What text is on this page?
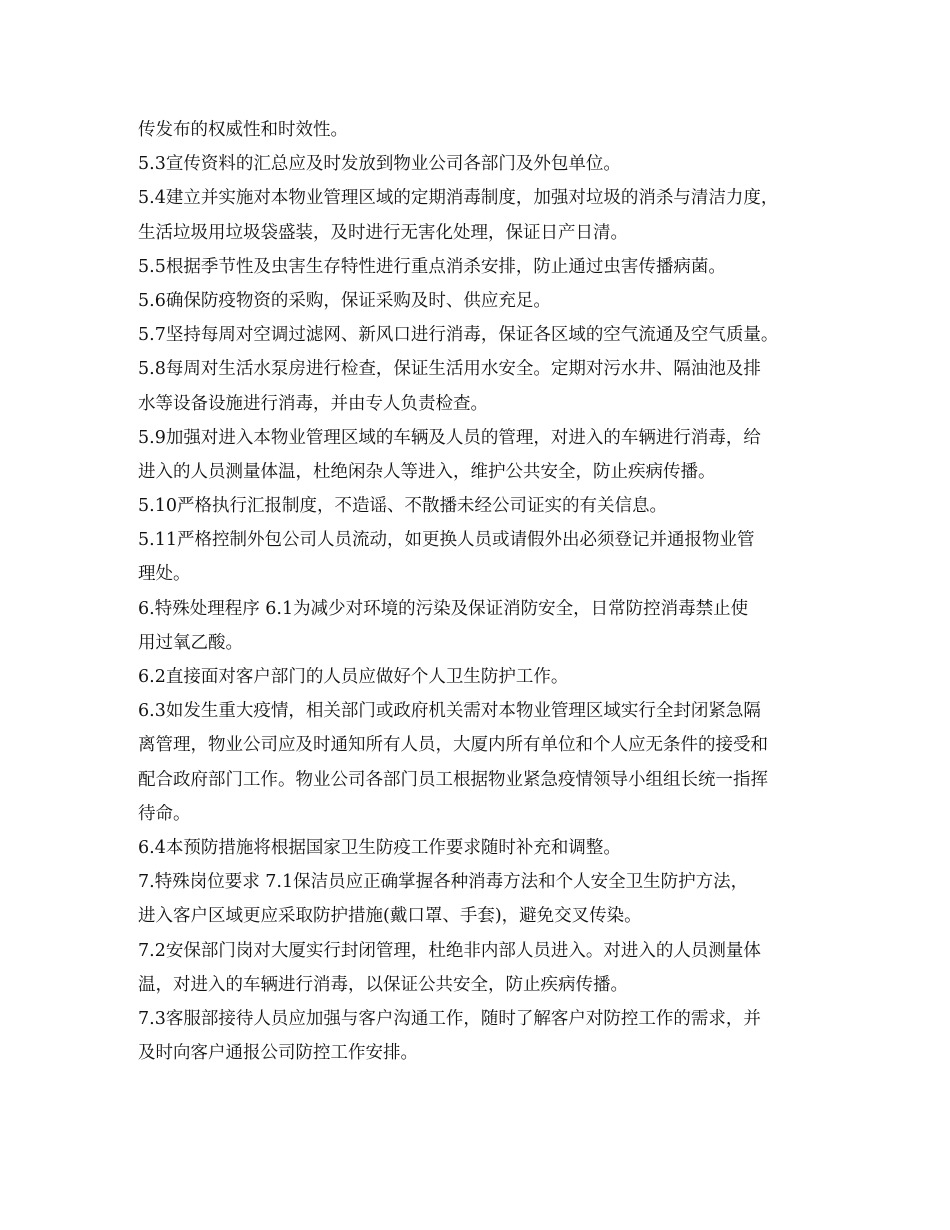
传发布的权威性和时效性。
5.3宣传资料的汇总应及时发放到物业公司各部门及外包单位。
5.4建立并实施对本物业管理区域的定期消毒制度，加强对垃圾的消杀与清洁力度，
生活垃圾用垃圾袋盛装，及时进行无害化处理，保证日产日清。
5.5根据季节性及虫害生存特性进行重点消杀安排，防止通过虫害传播病菌。
5.6确保防疫物资的采购，保证采购及时、供应充足。
5.7坚持每周对空调过滤网、新风口进行消毒，保证各区域的空气流通及空气质量。
5.8每周对生活水泵房进行检查，保证生活用水安全。定期对污水井、隔油池及排
水等设备设施进行消毒，并由专人负责检查。
5.9加强对进入本物业管理区域的车辆及人员的管理，对进入的车辆进行消毒，给
进入的人员测量体温，杜绝闲杂人等进入，维护公共安全，防止疾病传播。
5.10严格执行汇报制度，不造谣、不散播未经公司证实的有关信息。
5.11严格控制外包公司人员流动，如更换人员或请假外出必须登记并通报物业管
理处。
6.特殊处理程序 6.1为减少对环境的污染及保证消防安全，日常防控消毒禁止使
用过氧乙酸。
6.2直接面对客户部门的人员应做好个人卫生防护工作。
6.3如发生重大疫情，相关部门或政府机关需对本物业管理区域实行全封闭紧急隔
离管理，物业公司应及时通知所有人员，大厦内所有单位和个人应无条件的接受和
配合政府部门工作。物业公司各部门员工根据物业紧急疫情领导小组组长统一指挥
待命。
6.4本预防措施将根据国家卫生防疫工作要求随时补充和调整。
7.特殊岗位要求 7.1保洁员应正确掌握各种消毒方法和个人安全卫生防护方法，
进入客户区域更应采取防护措施(戴口罩、手套)，避免交叉传染。
7.2安保部门岗对大厦实行封闭管理，杜绝非内部人员进入。对进入的人员测量体
温，对进入的车辆进行消毒，以保证公共安全，防止疾病传播。
7.3客服部接待人员应加强与客户沟通工作，随时了解客户对防控工作的需求，并
及时向客户通报公司防控工作安排。
